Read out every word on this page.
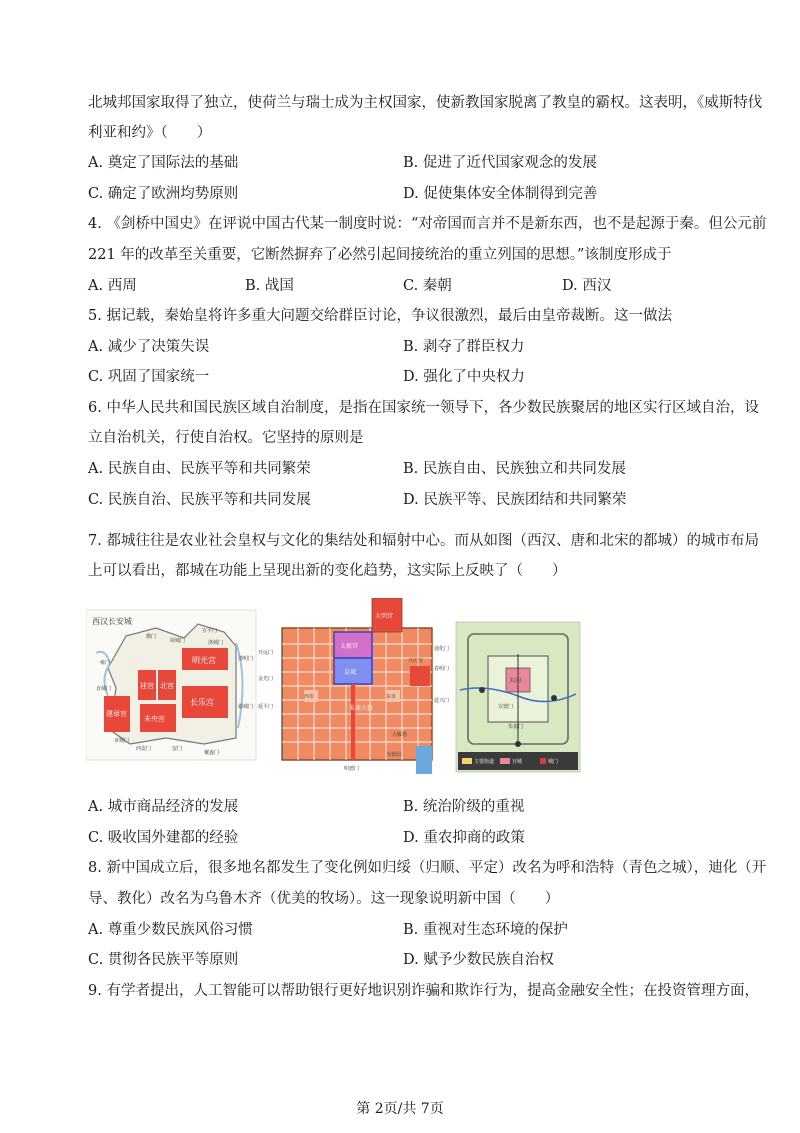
北城邦国家取得了独立，使荷兰与瑞士成为主权国家，使新教国家脱离了教皇的霸权。这表明，《威斯特伐
利亚和约》（　　）
A. 奠定了国际法的基础	B. 促进了近代国家观念的发展
C. 确定了欧洲均势原则	D. 促使集体安全体制得到完善
4. 《剑桥中国史》在评说中国古代某一制度时说：“对帝国而言并不是新东西，也不是起源于秦。但公元前
221 年的改革至关重要，它断然摒弃了必然引起间接统治的重立列国的思想。”该制度形成于
A. 西周	B. 战国	C. 秦朝	D. 西汉
5. 据记载，秦始皇将许多重大问题交给群臣讨论，争议很激烈，最后由皇帝裁断。这一做法
A. 减少了决策失误	B. 剥夺了群臣权力
C. 巩固了国家统一	D. 强化了中央权力
6. 中华人民共和国民族区域自治制度，是指在国家统一领导下，各少数民族聚居的地区实行区域自治，设
立自治机关，行使自治权。它坚持的原则是
A. 民族自由、民族平等和共同繁荣	B. 民族自由、民族独立和共同发展
C. 民族自治、民族平等和共同发展	D. 民族平等、民族团结和共同繁荣
7. 都城往往是农业社会皇权与文化的集结处和辐射中心。而从如图（西汉、唐和北宋的都城）的城市布局
上可以看出，都城在功能上呈现出新的变化趋势，这实际上反映了（　　）
西汉长安城
明光宫
桂宫 北宫
长乐宫
建章宫
未央宫
宣平门
清明门
霸城门
覆盎门
安门
西安门
章城门
直城门
雍门
横门
厨城门	洛城门
大明宫
太极宫
皇城
兴庆宫
东市
西市
朱雀大街
明德门
春明门
金光门
延平门
开远门
通化门
延兴门
大雁塔
芙蓉园
大内
宣德门
朱雀门
主要街道	宫城	城门
A. 城市商品经济的发展	B. 统治阶级的重视
C. 吸收国外建都的经验	D. 重农抑商的政策
8. 新中国成立后，很多地名都发生了变化例如归绥（归顺、平定）改名为呼和浩特（青色之城），迪化（开
导、教化）改名为乌鲁木齐（优美的牧场）。这一现象说明新中国（　　）
A. 尊重少数民族风俗习惯	B. 重视对生态环境的保护
C. 贯彻各民族平等原则	D. 赋予少数民族自治权
9. 有学者提出，人工智能可以帮助银行更好地识别诈骗和欺诈行为，提高金融安全性；在投资管理方面，
第 2页/共 7页
